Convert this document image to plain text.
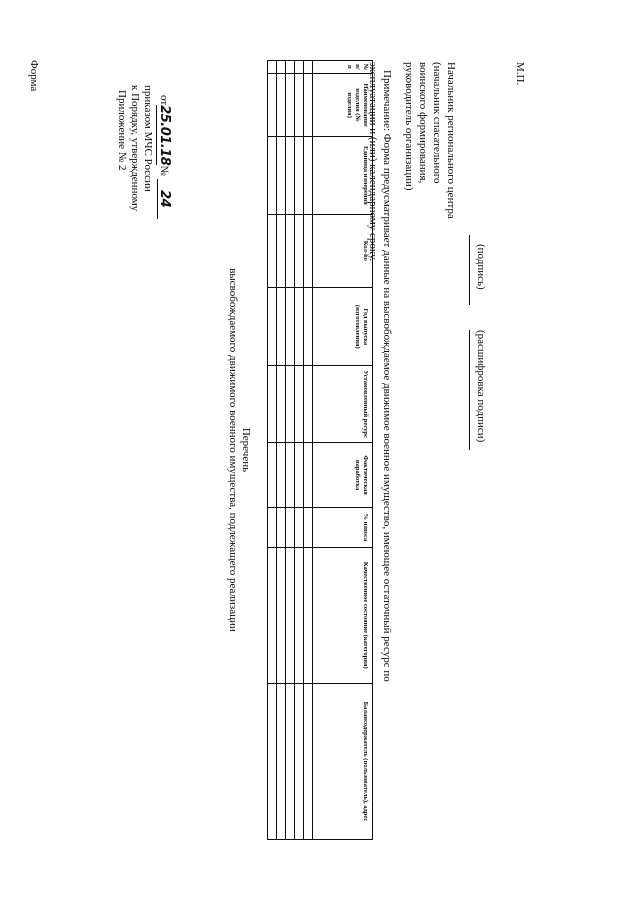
Форма
Приложение № 2 к Порядку, утвержденному приказом МЧС России от25.01.18№ 24
Перечень
высвобождаемого движимого военного имущества, подлежащего реализации
№ п/п	Наименование изделия (№ изделия)	Единица измерения	Кол-во	Год выпуска (изготовления)	Установленный ресурс	Фактическая наработка	% износа	Качественное состояние (категория)	Балансодержатель (пользователь), адрес

Примечание: Форма предусматривает данные на высвобождаемое движимое военное имущество, имеющее остаточный ресурс по
эксплуатации и (или) календарному сроку.	Начальник регионального центра
(начальник спасательного
воинского формирования,
руководитель организации)
(подпись)
(расшифровка подписи)
М.П.
